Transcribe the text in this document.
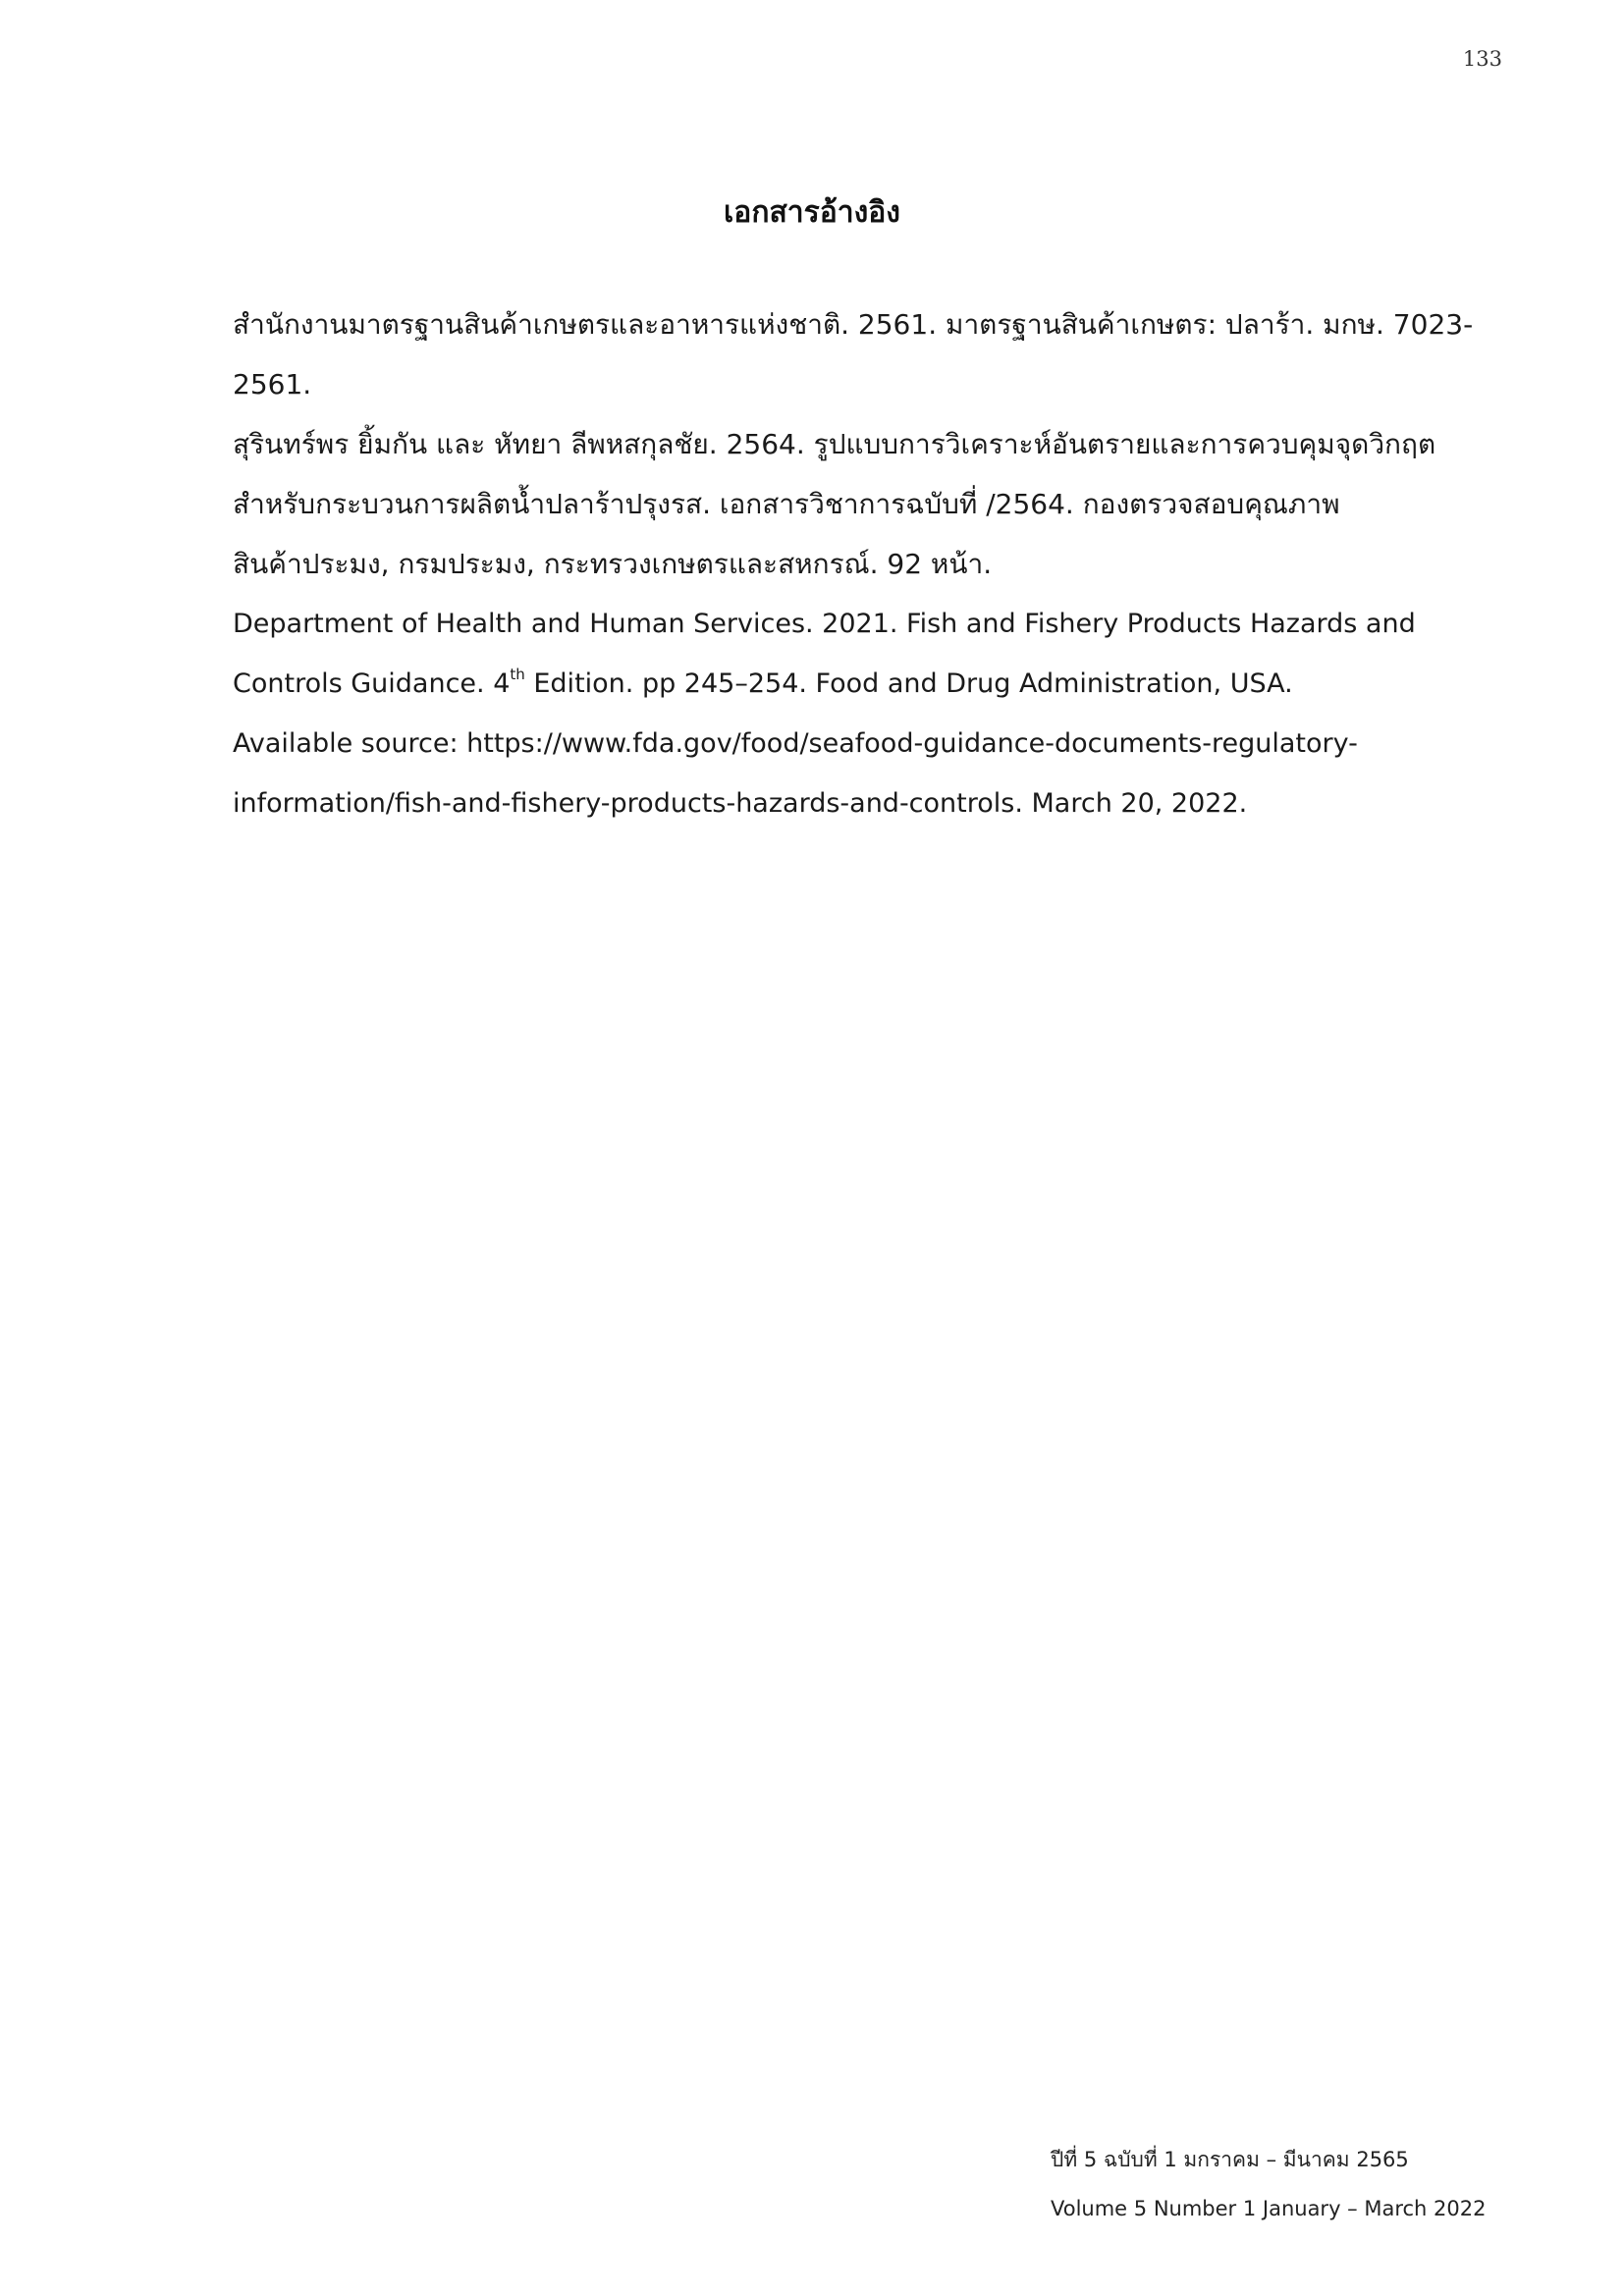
133
เอกสารอ้างอิง
สำนักงานมาตรฐานสินค้าเกษตรและอาหารแห่งชาติ. 2561. มาตรฐานสินค้าเกษตร: ปลาร้า. มกษ. 7023-
2561.
สุรินทร์พร ยิ้มกัน และ หัทยา ลีพหสกุลชัย. 2564. รูปแบบการวิเคราะห์อันตรายและการควบคุมจุดวิกฤต
สำหรับกระบวนการผลิตน้ำปลาร้าปรุงรส. เอกสารวิชาการฉบับที่ /2564. กองตรวจสอบคุณภาพ
สินค้าประมง, กรมประมง, กระทรวงเกษตรและสหกรณ์. 92 หน้า.
Department of Health and Human Services. 2021. Fish and Fishery Products Hazards and
Controls Guidance. 4th Edition. pp 245–254. Food and Drug Administration, USA.
Available source: https://www.fda.gov/food/seafood-guidance-documents-regulatory-
information/fish-and-fishery-products-hazards-and-controls. March 20, 2022.
ปีที่ 5 ฉบับที่ 1 มกราคม – มีนาคม 2565
Volume 5 Number 1 January – March 2022
